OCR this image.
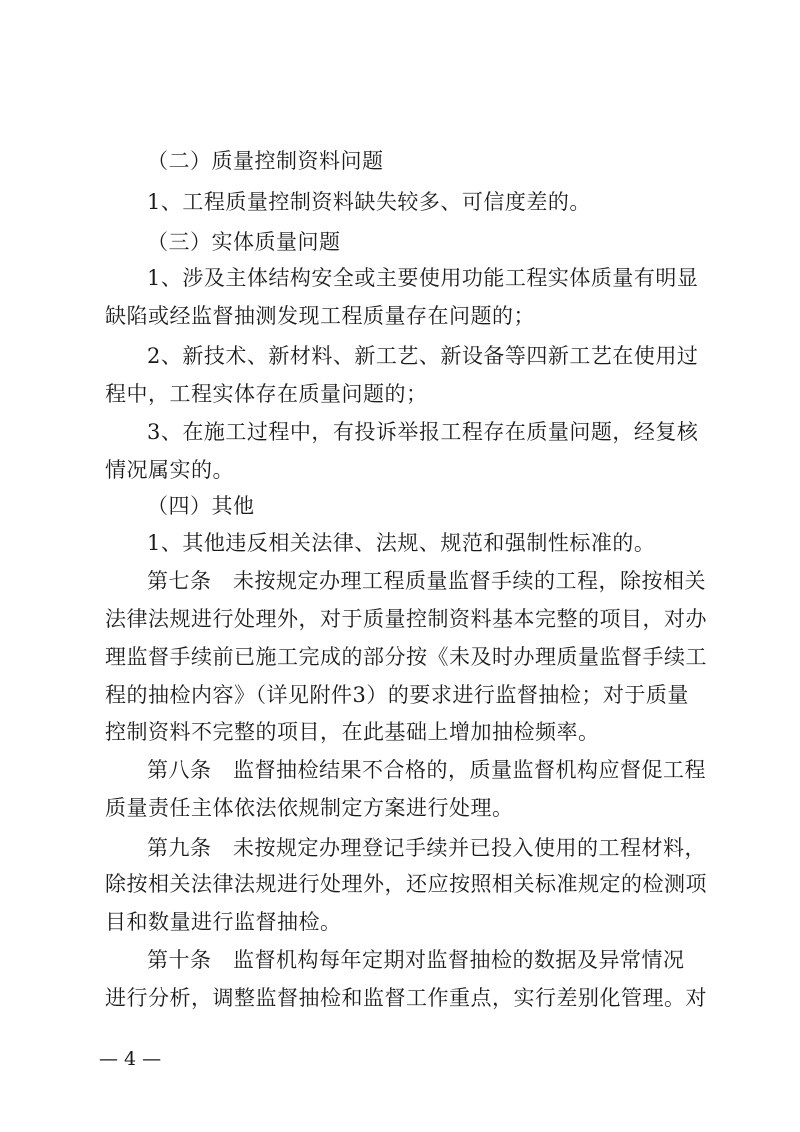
（二）质量控制资料问题
1、工程质量控制资料缺失较多、可信度差的。
（三）实体质量问题
1、涉及主体结构安全或主要使用功能工程实体质量有明显
缺陷或经监督抽测发现工程质量存在问题的；
2、新技术、新材料、新工艺、新设备等四新工艺在使用过
程中，工程实体存在质量问题的；
3、在施工过程中，有投诉举报工程存在质量问题，经复核
情况属实的。
（四）其他
1、其他违反相关法律、法规、规范和强制性标准的。
第七条　未按规定办理工程质量监督手续的工程，除按相关
法律法规进行处理外，对于质量控制资料基本完整的项目，对办
理监督手续前已施工完成的部分按《未及时办理质量监督手续工
程的抽检内容》（详见附件3）的要求进行监督抽检；对于质量
控制资料不完整的项目，在此基础上增加抽检频率。
第八条　监督抽检结果不合格的，质量监督机构应督促工程
质量责任主体依法依规制定方案进行处理。
第九条　未按规定办理登记手续并已投入使用的工程材料，
除按相关法律法规进行处理外，还应按照相关标准规定的检测项
目和数量进行监督抽检。
第十条　监督机构每年定期对监督抽检的数据及异常情况
进行分析，调整监督抽检和监督工作重点，实行差别化管理。对
— 4 —
